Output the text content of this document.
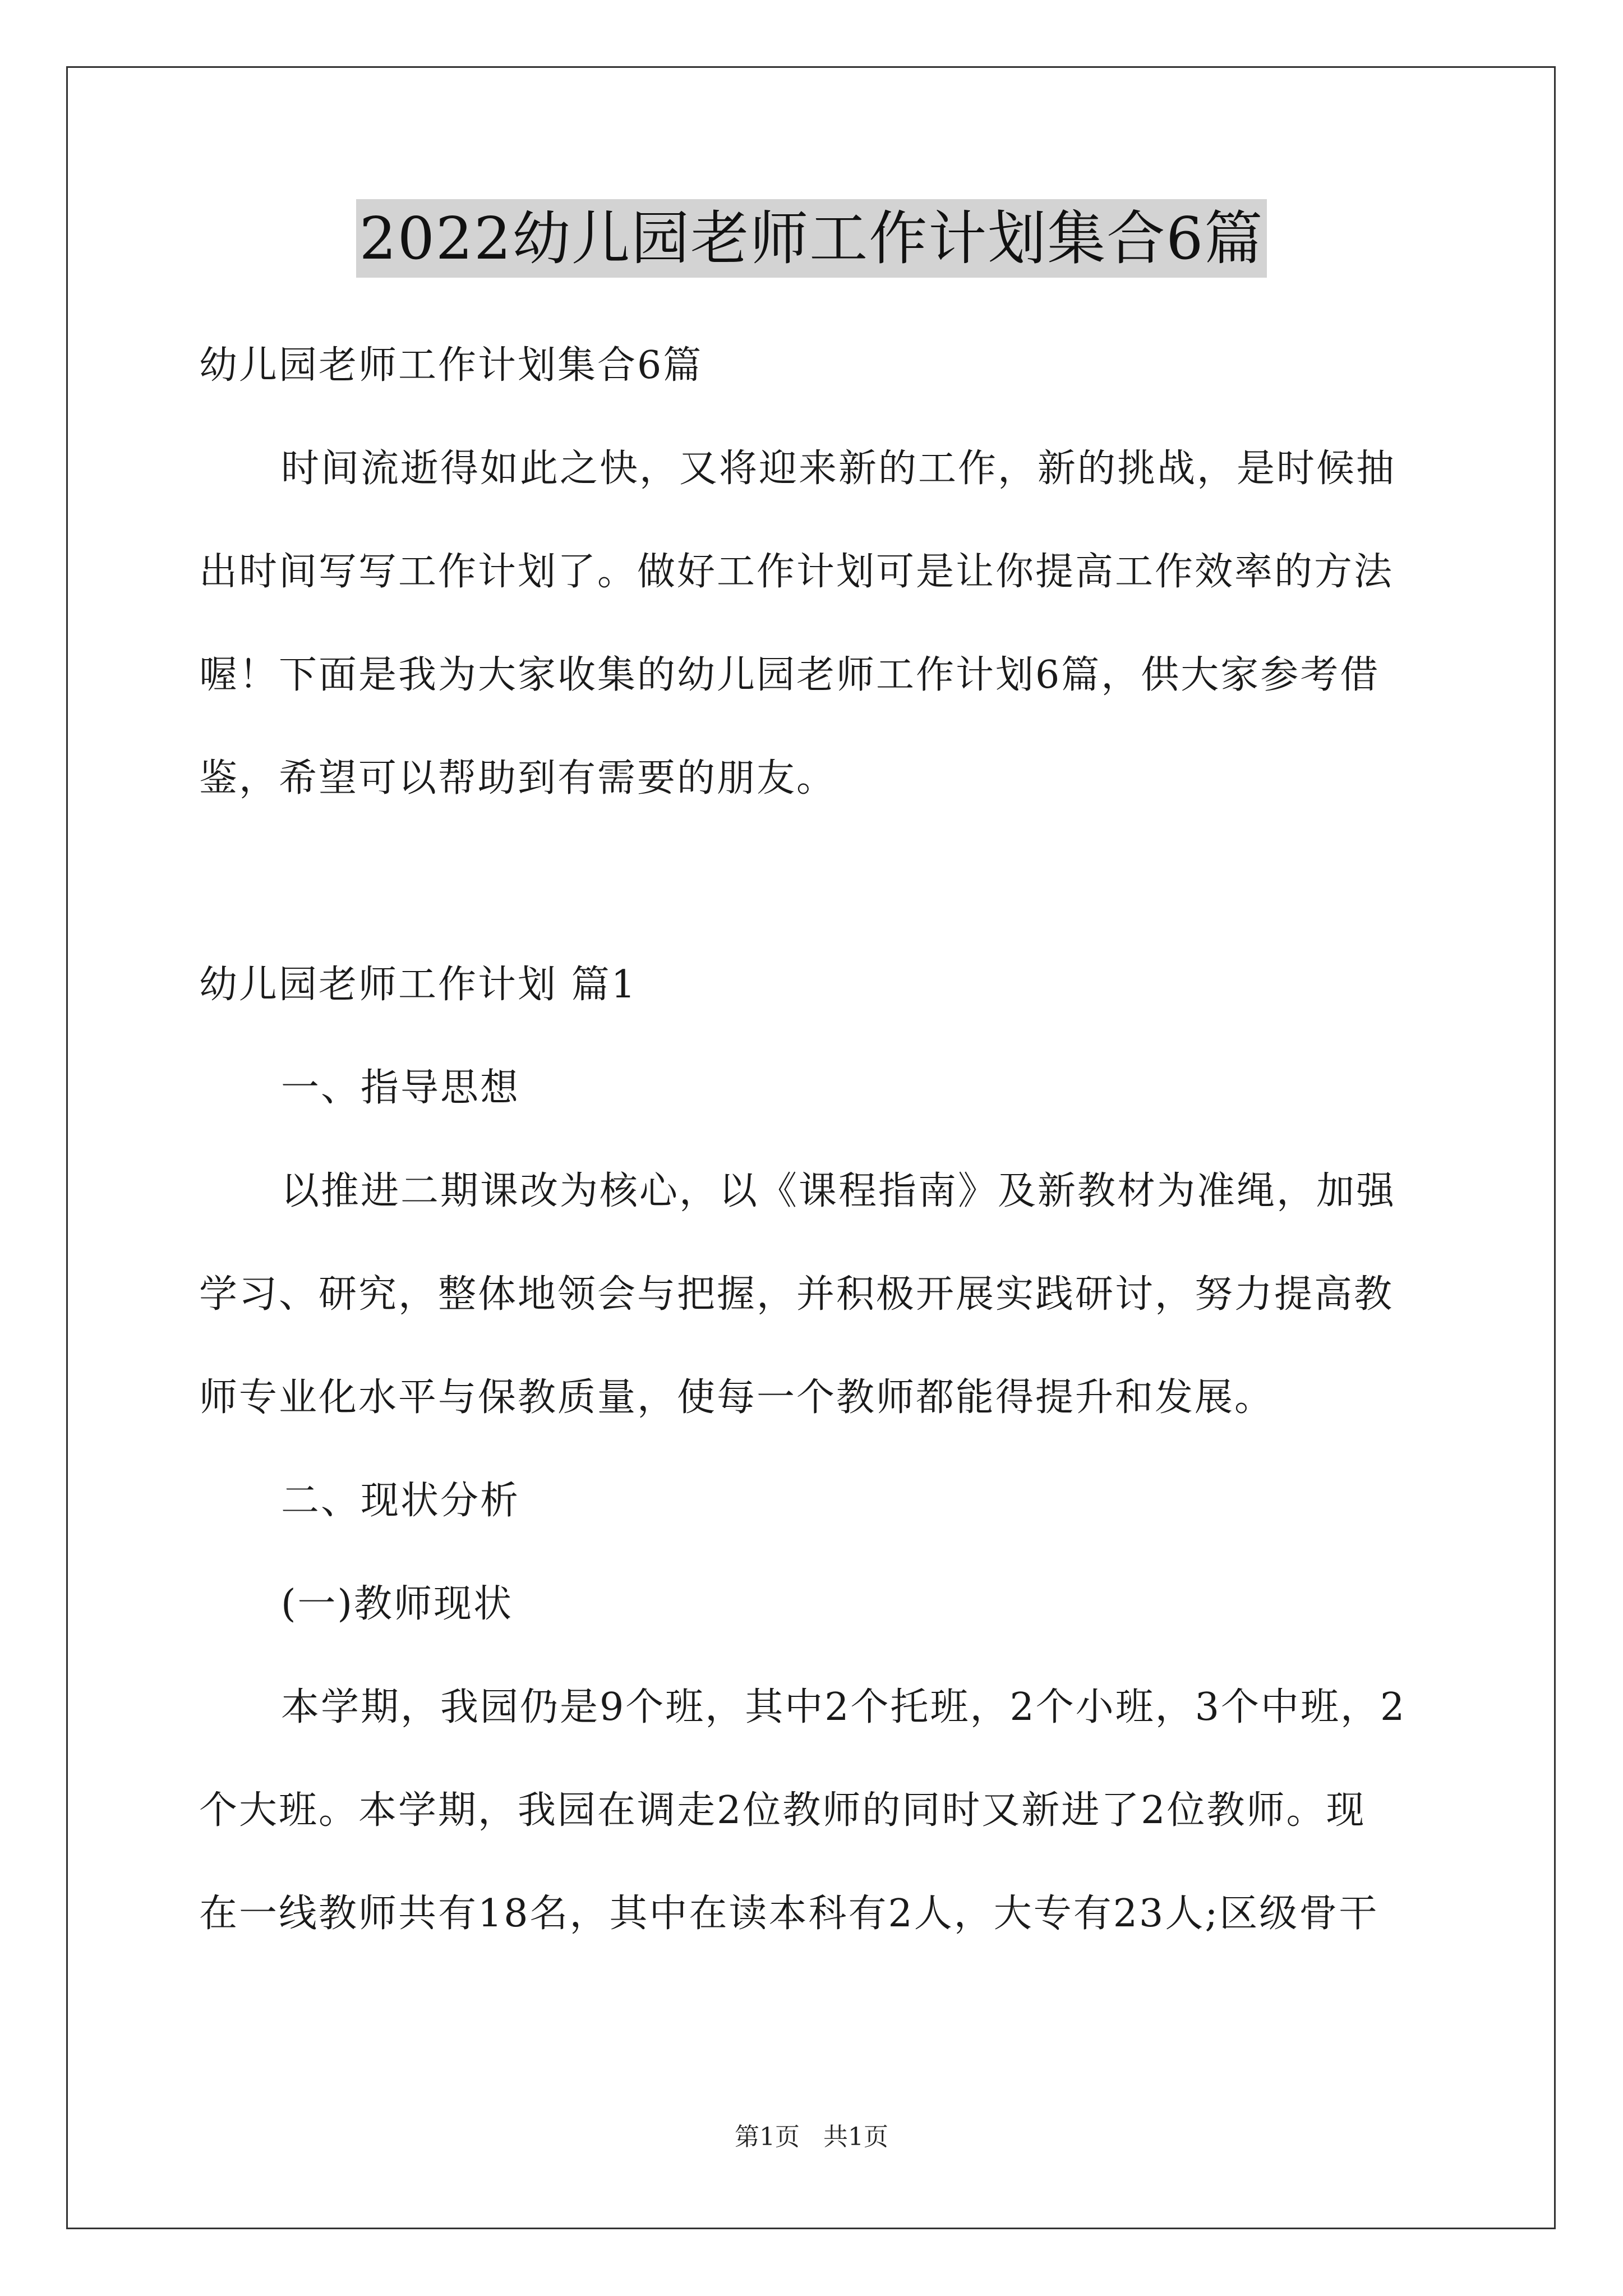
2022幼儿园老师工作计划集合6篇

幼儿园老师工作计划集合6篇

时间流逝得如此之快，又将迎来新的工作，新的挑战，是时候抽

出时间写写工作计划了。做好工作计划可是让你提高工作效率的方法

喔！下面是我为大家收集的幼儿园老师工作计划6篇，供大家参考借

鉴，希望可以帮助到有需要的朋友。

幼儿园老师工作计划 篇1

一、指导思想

以推进二期课改为核心，以《课程指南》及新教材为准绳，加强

学习、研究，整体地领会与把握，并积极开展实践研讨，努力提高教

师专业化水平与保教质量，使每一个教师都能得提升和发展。

二、现状分析

(一)教师现状

本学期，我园仍是9个班，其中2个托班，2个小班，3个中班，2

个大班。本学期，我园在调走2位教师的同时又新进了2位教师。现

在一线教师共有18名，其中在读本科有2人，大专有23人;区级骨干

第1页 共1页
